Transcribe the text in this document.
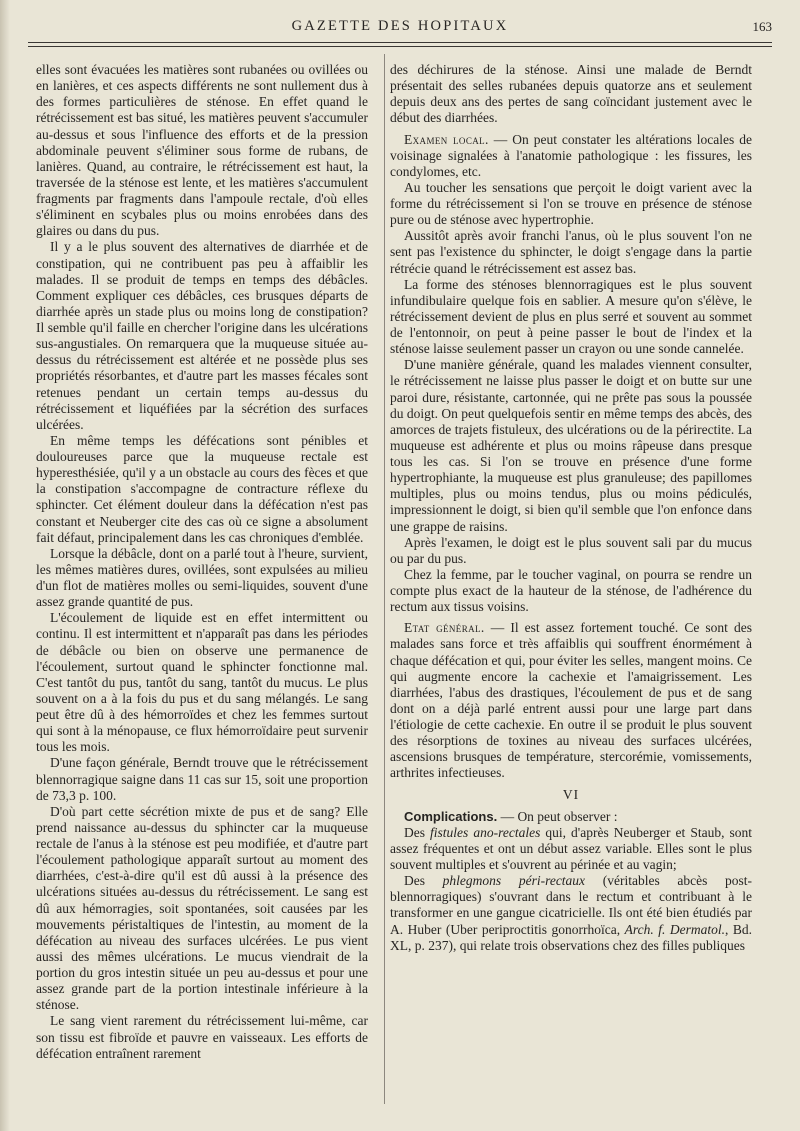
GAZETTE DES HOPITAUX	163

elles sont évacuées les matières sont rubanées ou ovillées ou en lanières, et ces aspects différents ne sont nullement dus à des formes particulières de sténose. En effet quand le rétrécissement est bas situé, les matières peuvent s'accumuler au-dessus et sous l'influence des efforts et de la pression abdominale peuvent s'éliminer sous forme de rubans, de lanières. Quand, au contraire, le rétrécissement est haut, la traversée de la sténose est lente, et les matières s'accumulent fragments par fragments dans l'ampoule rectale, d'où elles s'éliminent en scybales plus ou moins enrobées dans des glaires ou dans du pus.

Il y a le plus souvent des alternatives de diarrhée et de constipation, qui ne contribuent pas peu à affaiblir les malades. Il se produit de temps en temps des débâcles. Comment expliquer ces débâcles, ces brusques départs de diarrhée après un stade plus ou moins long de constipation? Il semble qu'il faille en chercher l'origine dans les ulcérations sus-angustiales. On remarquera que la muqueuse située au-dessus du rétrécissement est altérée et ne possède plus ses propriétés résorbantes, et d'autre part les masses fécales sont retenues pendant un certain temps au-dessus du rétrécissement et liquéfiées par la sécrétion des surfaces ulcérées.

En même temps les défécations sont pénibles et douloureuses parce que la muqueuse rectale est hyperesthésiée, qu'il y a un obstacle au cours des fèces et que la constipation s'accompagne de contracture réflexe du sphincter. Cet élément douleur dans la défécation n'est pas constant et Neuberger cite des cas où ce signe a absolument fait défaut, principalement dans les cas chroniques d'emblée.

Lorsque la débâcle, dont on a parlé tout à l'heure, survient, les mêmes matières dures, ovillées, sont expulsées au milieu d'un flot de matières molles ou semi-liquides, souvent d'une assez grande quantité de pus.

L'écoulement de liquide est en effet intermittent ou continu. Il est intermittent et n'apparaît pas dans les périodes de débâcle ou bien on observe une permanence de l'écoulement, surtout quand le sphincter fonctionne mal. C'est tantôt du pus, tantôt du sang, tantôt du mucus. Le plus souvent on a à la fois du pus et du sang mélangés. Le sang peut être dû à des hémorroïdes et chez les femmes surtout qui sont à la ménopause, ce flux hémorroïdaire peut survenir tous les mois.

D'une façon générale, Berndt trouve que le rétrécissement blennorragique saigne dans 11 cas sur 15, soit une proportion de 73,3 p. 100.

D'où part cette sécrétion mixte de pus et de sang? Elle prend naissance au-dessus du sphincter car la muqueuse rectale de l'anus à la sténose est peu modifiée, et d'autre part l'écoulement pathologique apparaît surtout au moment des diarrhées, c'est-à-dire qu'il est dû aussi à la présence des ulcérations situées au-dessus du rétrécissement. Le sang est dû aux hémorragies, soit spontanées, soit causées par les mouvements péristaltiques de l'intestin, au moment de la défécation au niveau des surfaces ulcérées. Le pus vient aussi des mêmes ulcérations. Le mucus viendrait de la portion du gros intestin située un peu au-dessus et pour une assez grande part de la portion intestinale inférieure à la sténose.

Le sang vient rarement du rétrécissement lui-même, car son tissu est fibroïde et pauvre en vaisseaux. Les efforts de défécation entraînent rarement

des déchirures de la sténose. Ainsi une malade de Berndt présentait des selles rubanées depuis quatorze ans et seulement depuis deux ans des pertes de sang coïncidant justement avec le début des diarrhées.

Examen local. — On peut constater les altérations locales de voisinage signalées à l'anatomie pathologique : les fissures, les condylomes, etc.

Au toucher les sensations que perçoit le doigt varient avec la forme du rétrécissement si l'on se trouve en présence de sténose pure ou de sténose avec hypertrophie.

Aussitôt après avoir franchi l'anus, où le plus souvent l'on ne sent pas l'existence du sphincter, le doigt s'engage dans la partie rétrécie quand le rétrécissement est assez bas.

La forme des sténoses blennorragiques est le plus souvent infundibulaire quelque fois en sablier. A mesure qu'on s'élève, le rétrécissement devient de plus en plus serré et souvent au sommet de l'entonnoir, on peut à peine passer le bout de l'index et la sténose laisse seulement passer un crayon ou une sonde cannelée.

D'une manière générale, quand les malades viennent consulter, le rétrécissement ne laisse plus passer le doigt et on butte sur une paroi dure, résistante, cartonnée, qui ne prête pas sous la poussée du doigt. On peut quelquefois sentir en même temps des abcès, des amorces de trajets fistuleux, des ulcérations ou de la périrectite. La muqueuse est adhérente et plus ou moins râpeuse dans presque tous les cas. Si l'on se trouve en présence d'une forme hypertrophiante, la muqueuse est plus granuleuse; des papillomes multiples, plus ou moins tendus, plus ou moins pédiculés, impressionnent le doigt, si bien qu'il semble que l'on enfonce dans une grappe de raisins.

Après l'examen, le doigt est le plus souvent sali par du mucus ou par du pus.

Chez la femme, par le toucher vaginal, on pourra se rendre un compte plus exact de la hauteur de la sténose, de l'adhérence du rectum aux tissus voisins.

Etat général. — Il est assez fortement touché. Ce sont des malades sans force et très affaiblis qui souffrent énormément à chaque défécation et qui, pour éviter les selles, mangent moins. Ce qui augmente encore la cachexie et l'amaigrissement. Les diarrhées, l'abus des drastiques, l'écoulement de pus et de sang dont on a déjà parlé entrent aussi pour une large part dans l'étiologie de cette cachexie. En outre il se produit le plus souvent des résorptions de toxines au niveau des surfaces ulcérées, ascensions brusques de température, stercorémie, vomissements, arthrites infectieuses.

VI

Complications. — On peut observer :

Des fistules ano-rectales qui, d'après Neuberger et Staub, sont assez fréquentes et ont un début assez variable. Elles sont le plus souvent multiples et s'ouvrent au périnée et au vagin;

Des phlegmons péri-rectaux (véritables abcès post-blennorragiques) s'ouvrant dans le rectum et contribuant à le transformer en une gangue cicatricielle. Ils ont été bien étudiés par A. Huber (Uber periproctitis gonorrhoïca, Arch. f. Dermatol., Bd. XL, p. 237), qui relate trois observations chez des filles publiques
